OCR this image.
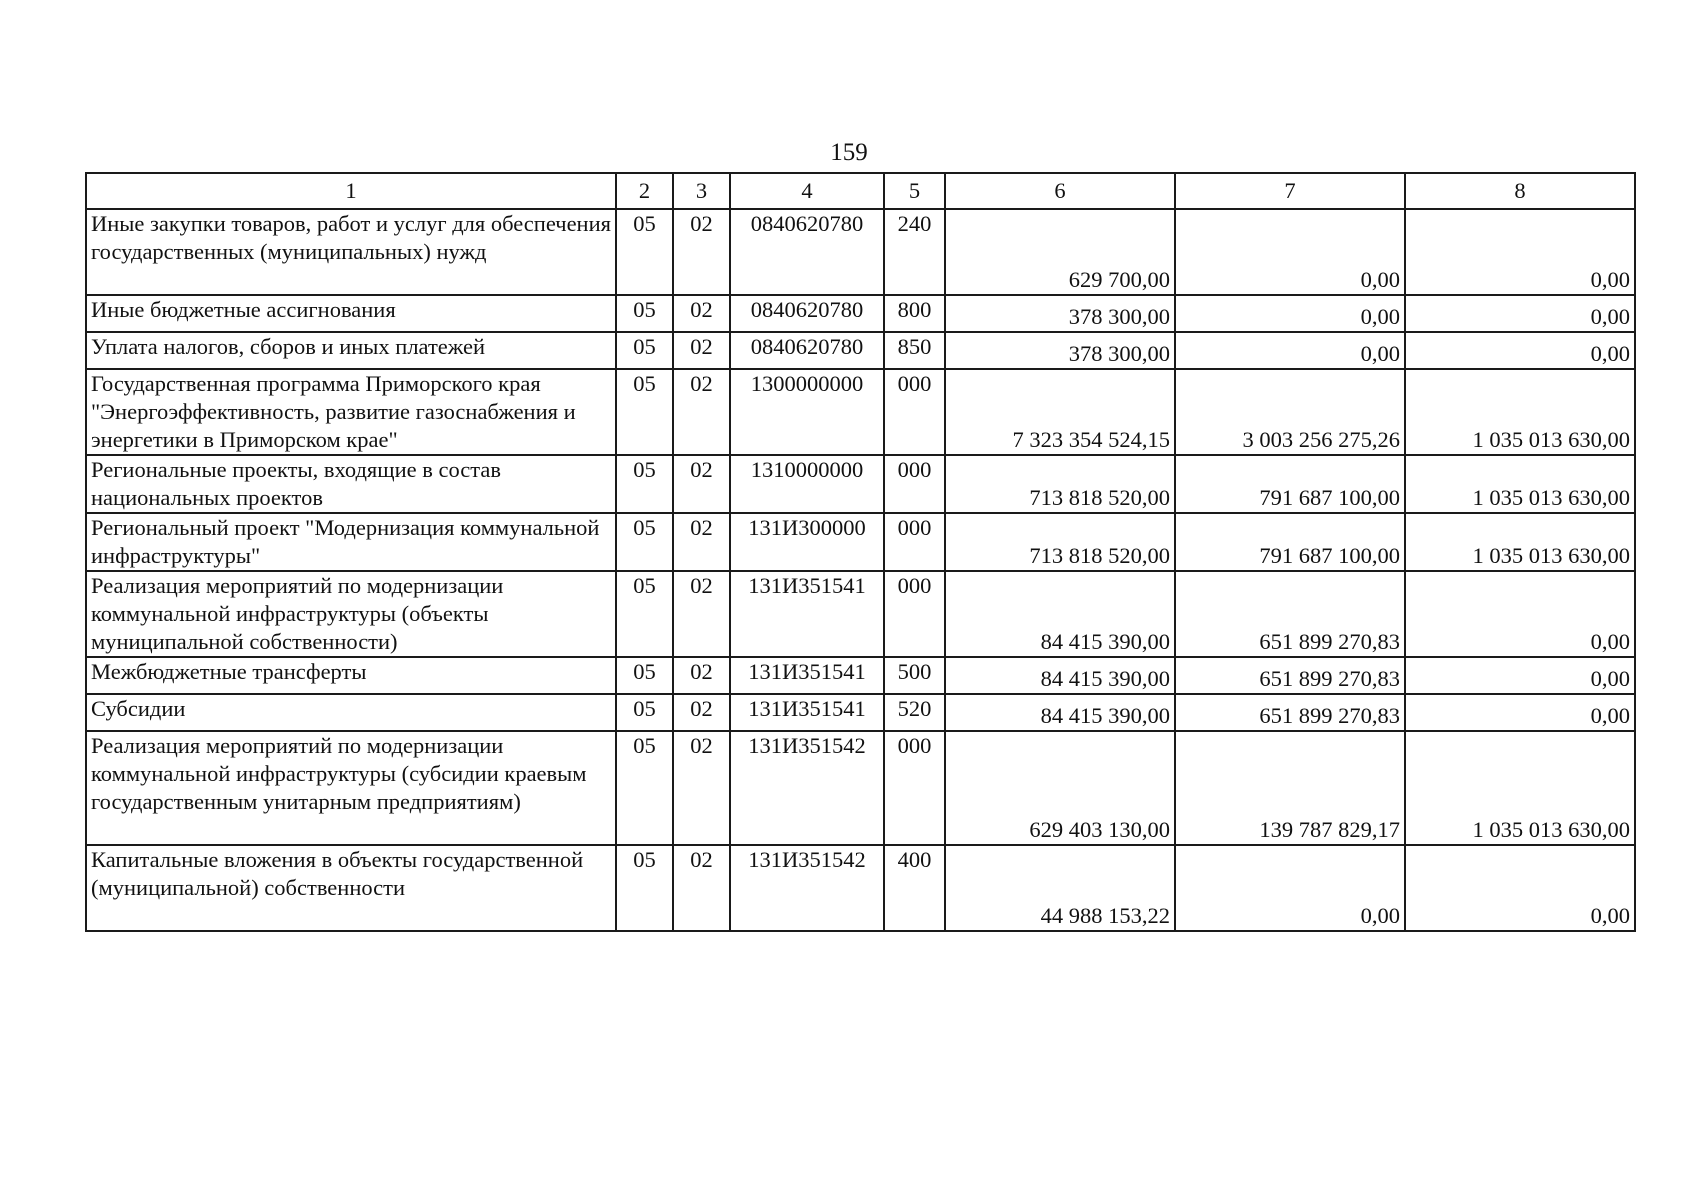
159
1	2	3	4	5	6	7	8
Иные закупки товаров, работ и услуг для обеспечения государственных (муниципальных) нужд	05	02	0840620780	240	629 700,00	0,00	0,00
Иные бюджетные ассигнования	05	02	0840620780	800	378 300,00	0,00	0,00
Уплата налогов, сборов и иных платежей	05	02	0840620780	850	378 300,00	0,00	0,00
Государственная программа Приморского края "Энергоэффективность, развитие газоснабжения и энергетики в Приморском крае"	05	02	1300000000	000	7 323 354 524,15	3 003 256 275,26	1 035 013 630,00
Региональные проекты, входящие в состав национальных проектов	05	02	1310000000	000	713 818 520,00	791 687 100,00	1 035 013 630,00
Региональный проект "Модернизация коммунальной инфраструктуры"	05	02	131И300000	000	713 818 520,00	791 687 100,00	1 035 013 630,00
Реализация мероприятий по модернизации коммунальной инфраструктуры (объекты муниципальной собственности)	05	02	131И351541	000	84 415 390,00	651 899 270,83	0,00
Межбюджетные трансферты	05	02	131И351541	500	84 415 390,00	651 899 270,83	0,00
Субсидии	05	02	131И351541	520	84 415 390,00	651 899 270,83	0,00
Реализация мероприятий по модернизации коммунальной инфраструктуры (субсидии краевым государственным унитарным предприятиям)	05	02	131И351542	000	629 403 130,00	139 787 829,17	1 035 013 630,00
Капитальные вложения в объекты государственной (муниципальной) собственности	05	02	131И351542	400	44 988 153,22	0,00	0,00
